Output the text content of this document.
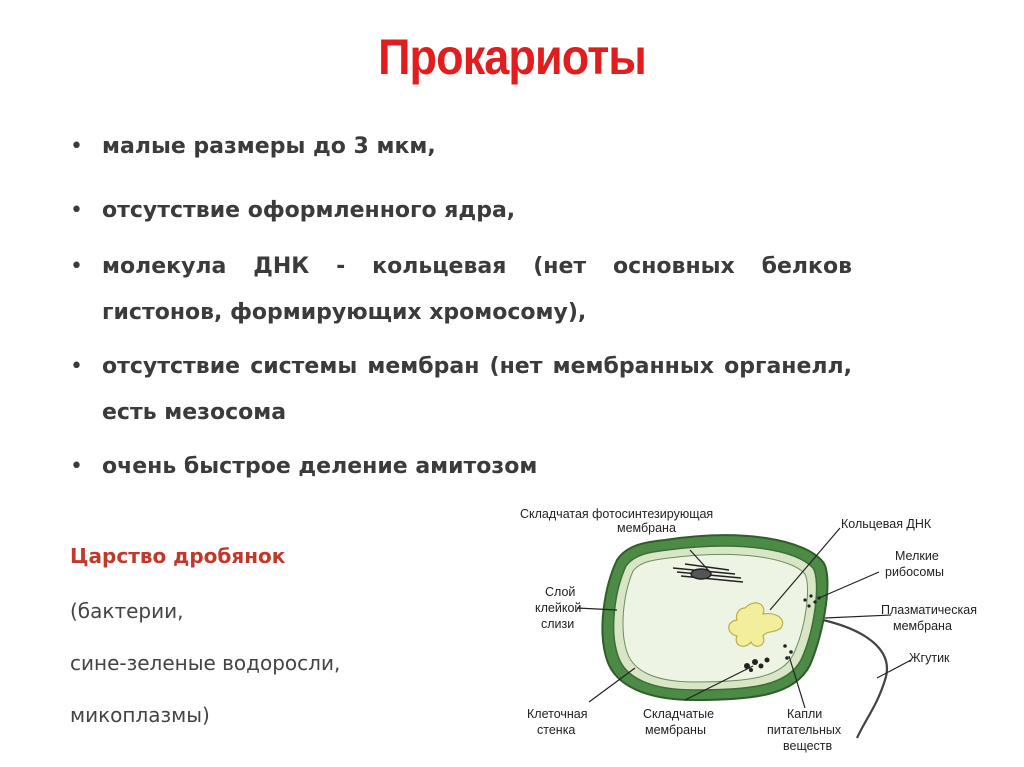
Прокариоты
• малые размеры до 3 мкм,
• отсутствие оформленного ядра,
• молекула ДНК - кольцевая (нет основных белков гистонов, формирующих хромосому),
• отсутствие системы мембран (нет мембранных органелл, есть мезосома
• очень быстрое деление амитозом
Царство дробянок
(бактерии,
сине-зеленые водоросли,
микоплазмы)
Складчатая фотосинтезирующая
мембрана	Кольцевая ДНК
Мелкие
рибосомы
Слой
клейкой
слизи
Плазматическая
мембрана
Жгутик
Клеточная
стенка
Складчатые
мембраны
Капли
питательных
веществ
